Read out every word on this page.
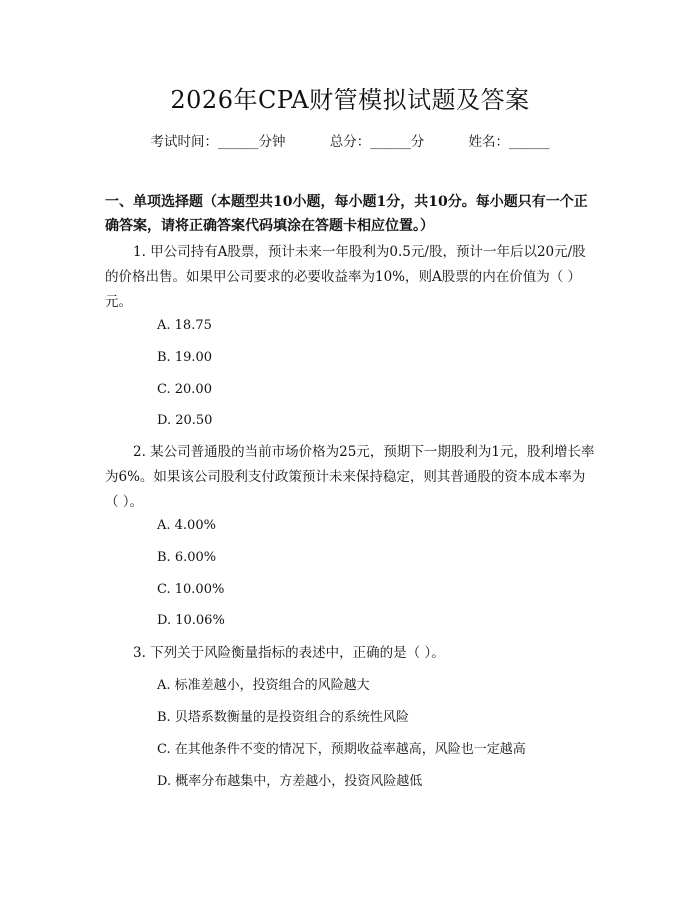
2026年CPA财管模拟试题及答案
考试时间：______分钟	总分：______分	姓名：______
一、单项选择题（本题型共10小题，每小题1分，共10分。每小题只有一个正确答案，请将正确答案代码填涂在答题卡相应位置。）
1. 甲公司持有A股票，预计未来一年股利为0.5元/股，预计一年后以20元/股的价格出售。如果甲公司要求的必要收益率为10%，则A股票的内在价值为（ ）元。
A. 18.75
B. 19.00
C. 20.00
D. 20.50
2. 某公司普通股的当前市场价格为25元，预期下一期股利为1元，股利增长率为6%。如果该公司股利支付政策预计未来保持稳定，则其普通股的资本成本率为（ ）。
A. 4.00%
B. 6.00%
C. 10.00%
D. 10.06%
3. 下列关于风险衡量指标的表述中，正确的是（ ）。
A. 标准差越小，投资组合的风险越大
B. 贝塔系数衡量的是投资组合的系统性风险
C. 在其他条件不变的情况下，预期收益率越高，风险也一定越高
D. 概率分布越集中，方差越小，投资风险越低
